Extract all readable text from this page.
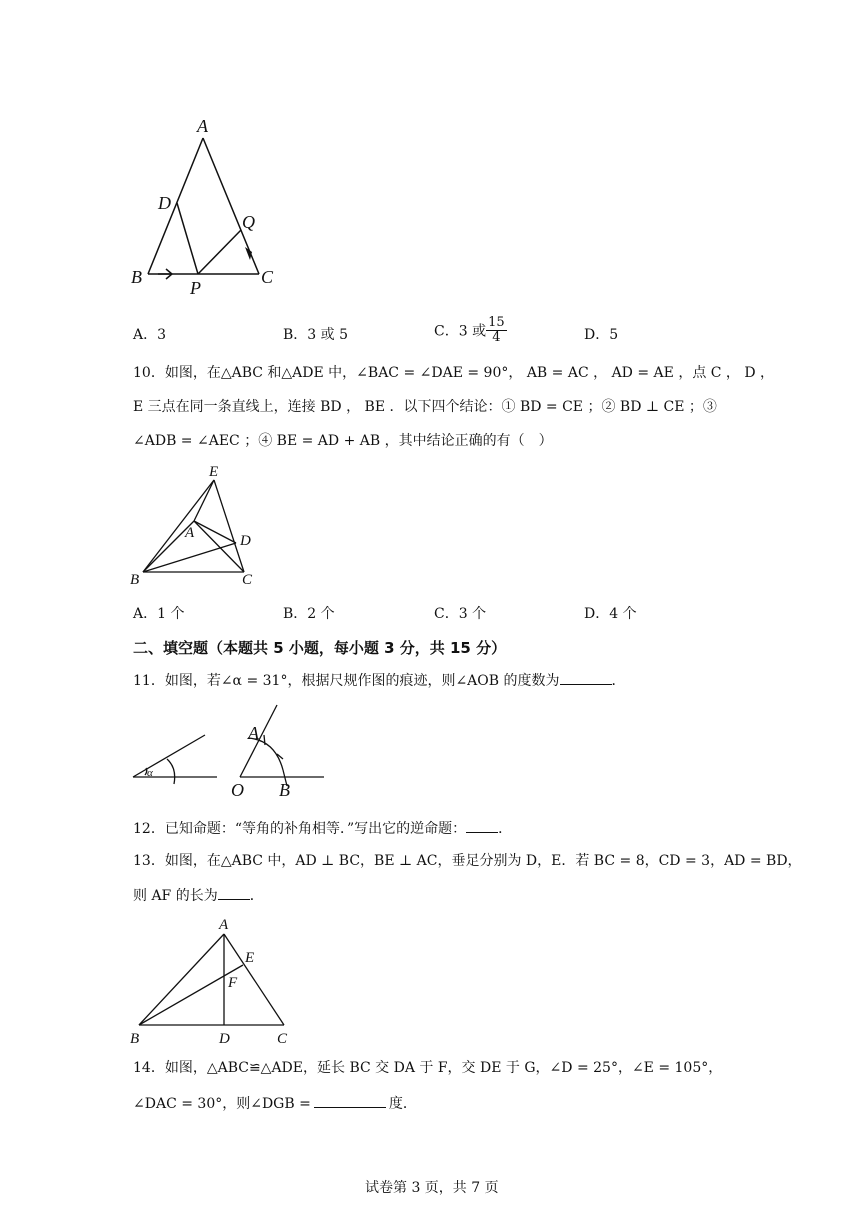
A
D
Q
B
P
C
A．3	B．3 或 5	C．3 或 $\frac{15}{4}$	D．5
10．如图，在△ABC 和△ADE 中，∠BAC = ∠DAE = 90°， AB = AC ， AD = AE ，点 C ， D ，
E 三点在同一条直线上，连接 BD ， BE ．以下四个结论：① BD = CE ；② BD ⊥ CE ；③
∠ADB = ∠AEC ；④ BE = AD + AB ，其中结论正确的有（　）
E
A	D
B	C
A．1 个	B．2 个	C．3 个	D．4 个
二、填空题（本题共 5 小题，每小题 3 分，共 15 分）
11．如图，若∠α = 31°，根据尺规作图的痕迹，则∠AOB 的度数为	．
α
A
O B
12．已知命题：“等角的补角相等．”写出它的逆命题： ．
13．如图，在△ABC 中，AD ⊥ BC，BE ⊥ AC，垂足分别为 D，E．若 BC = 8，CD = 3，AD = BD，
则 AF 的长为 ．
A
E
F
B	D	C
14．如图，△ABC≌△ADE，延长 BC 交 DA 于 F，交 DE 于 G，∠D = 25°，∠E = 105°，
∠DAC = 30°，则∠DGB =	度．
试卷第 3 页，共 7 页
